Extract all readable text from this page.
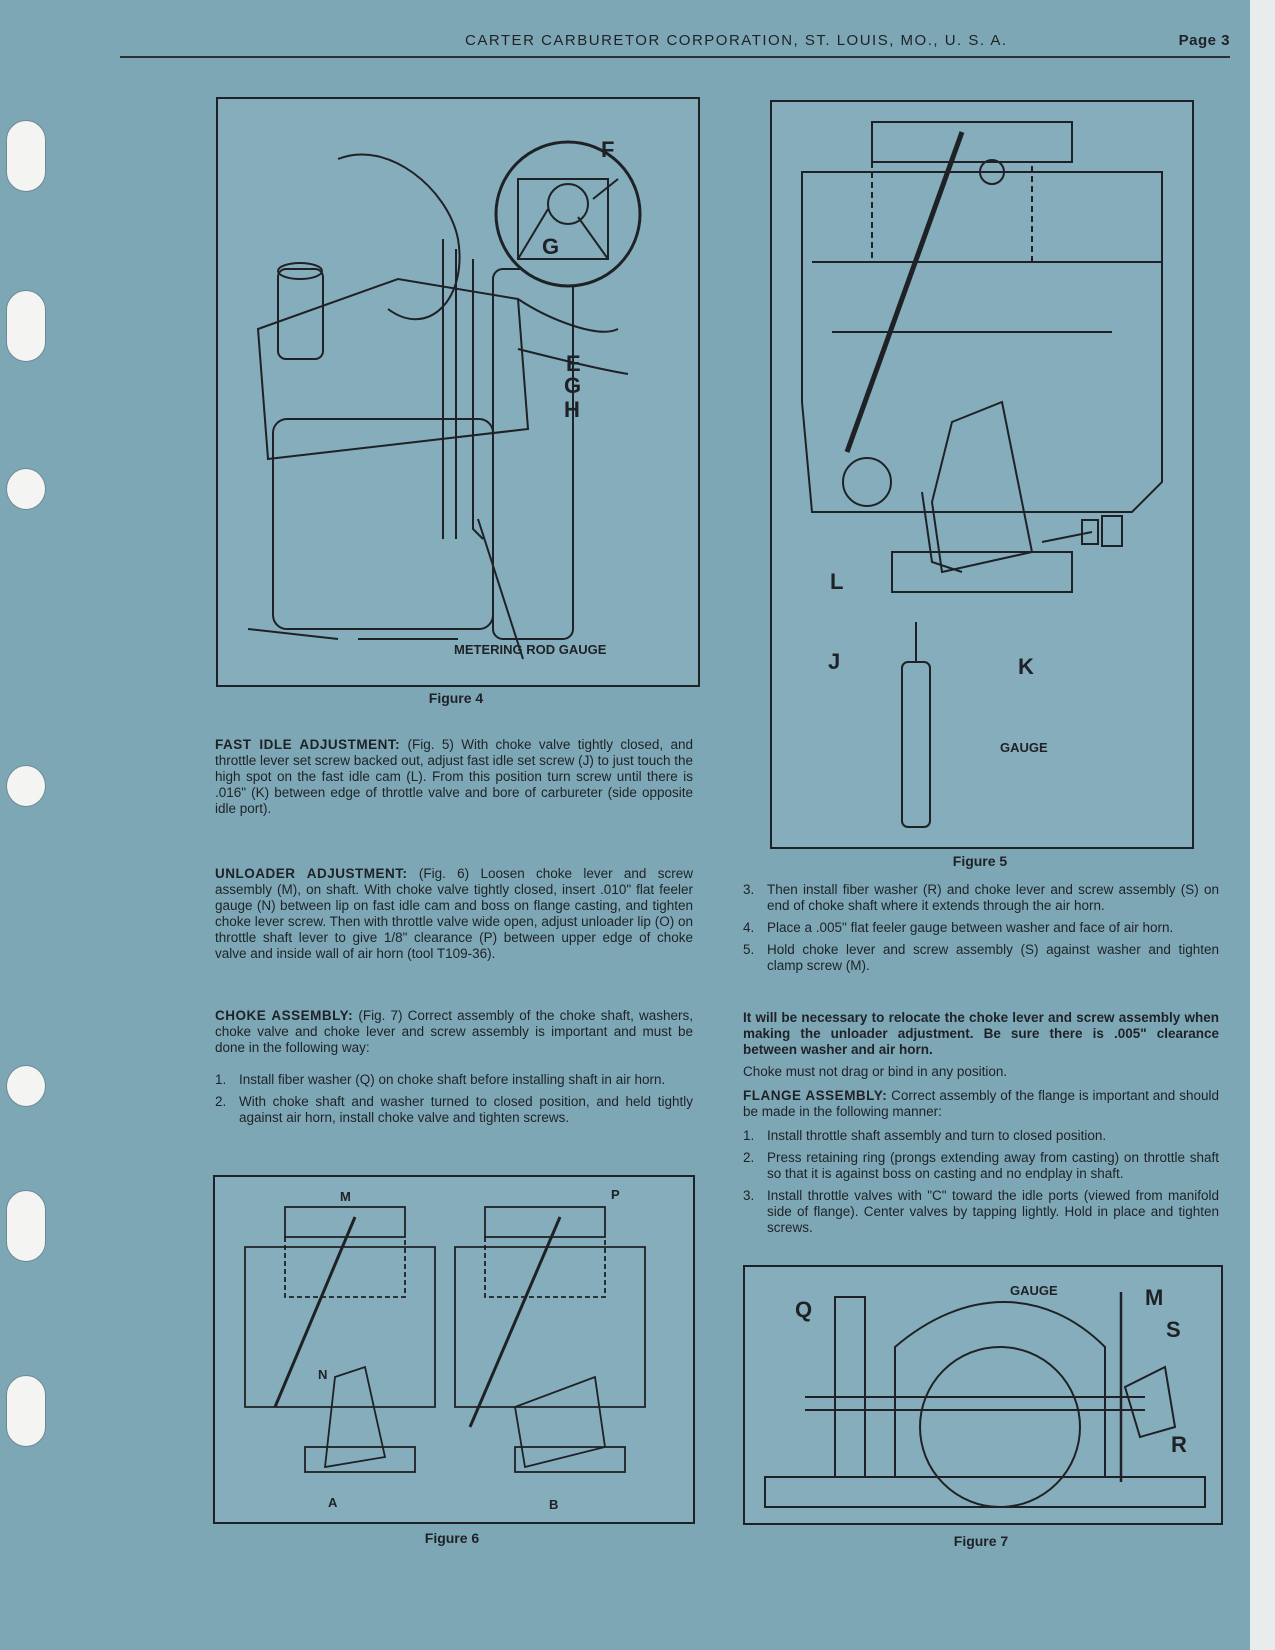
CARTER CARBURETOR CORPORATION, ST. LOUIS, MO., U. S. A.	Page 3
F
G
E
G
H
METERING ROD GAUGE
Figure 4
L
J	K
GAUGE
Figure 5

FAST IDLE ADJUSTMENT: (Fig. 5) With choke valve tightly closed, and throttle lever set screw backed out, adjust fast idle set screw (J) to just touch the high spot on the fast idle cam (L). From this position turn screw until there is .016" (K) between edge of throttle valve and bore of carbureter (side opposite idle port).

UNLOADER ADJUSTMENT: (Fig. 6) Loosen choke lever and screw assembly (M), on shaft. With choke valve tightly closed, insert .010" flat feeler gauge (N) between lip on fast idle cam and boss on flange casting, and tighten choke lever screw. Then with throttle valve wide open, adjust unloader lip (O) on throttle shaft lever to give 1/8" clearance (P) between upper edge of choke valve and inside wall of air horn (tool T109-36).

CHOKE ASSEMBLY: (Fig. 7) Correct assembly of the choke shaft, washers, choke valve and choke lever and screw assembly is important and must be done in the following way:

1. Install fiber washer (Q) on choke shaft before installing shaft in air horn.
2. With choke shaft and washer turned to closed position, and held tightly against air horn, install choke valve and tighten screws.
3. Then install fiber washer (R) and choke lever and screw assembly (S) on end of choke shaft where it extends through the air horn.
4. Place a .005" flat feeler gauge between washer and face of air horn.
5. Hold choke lever and screw assembly (S) against washer and tighten clamp screw (M).

It will be necessary to relocate the choke lever and screw assembly when making the unloader adjustment. Be sure there is .005" clearance between washer and air horn.

Choke must not drag or bind in any position.

FLANGE ASSEMBLY: Correct assembly of the flange is important and should be made in the following manner:

1. Install throttle shaft assembly and turn to closed position.
2. Press retaining ring (prongs extending away from casting) on throttle shaft so that it is against boss on casting and no endplay in shaft.
3. Install throttle valves with "C" toward the idle ports (viewed from manifold side of flange). Center valves by tapping lightly. Hold in place and tighten screws.
M	P
N
A	B
Figure 6
GAUGE
Q	M
S
R
Figure 7
